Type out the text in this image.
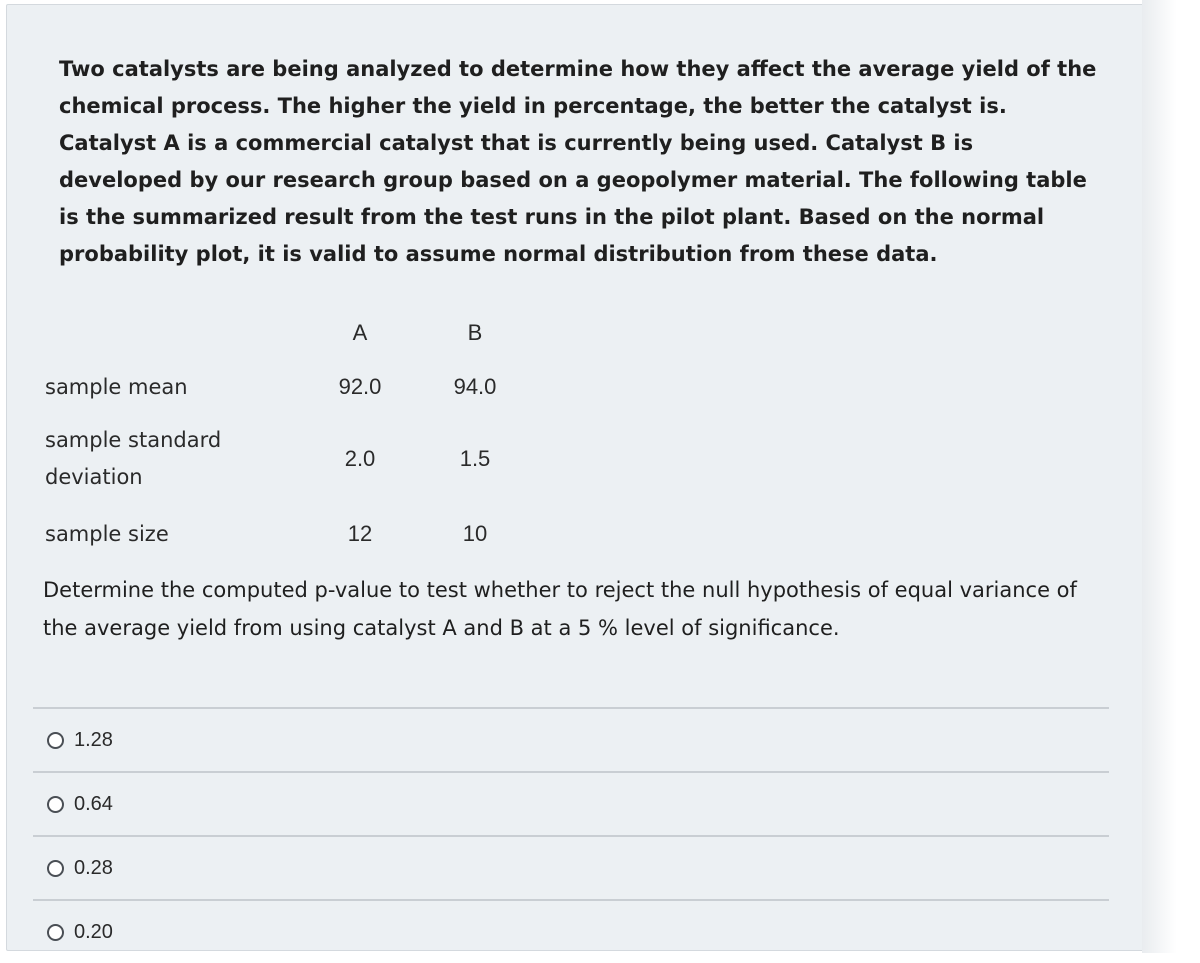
Two catalysts are being analyzed to determine how they affect the average yield of the chemical process. The higher the yield in percentage, the better the catalyst is. Catalyst A is a commercial catalyst that is currently being used. Catalyst B is developed by our research group based on a geopolymer material. The following table is the summarized result from the test runs in the pilot plant. Based on the normal probability plot, it is valid to assume normal distribution from these data.

	A	B
sample mean	92.0	94.0
sample standard deviation	2.0	1.5
sample size	12	10

Determine the computed p-value to test whether to reject the null hypothesis of equal variance of the average yield from using catalyst A and B at a 5 % level of significance.

1.28
0.64
0.28
0.20
